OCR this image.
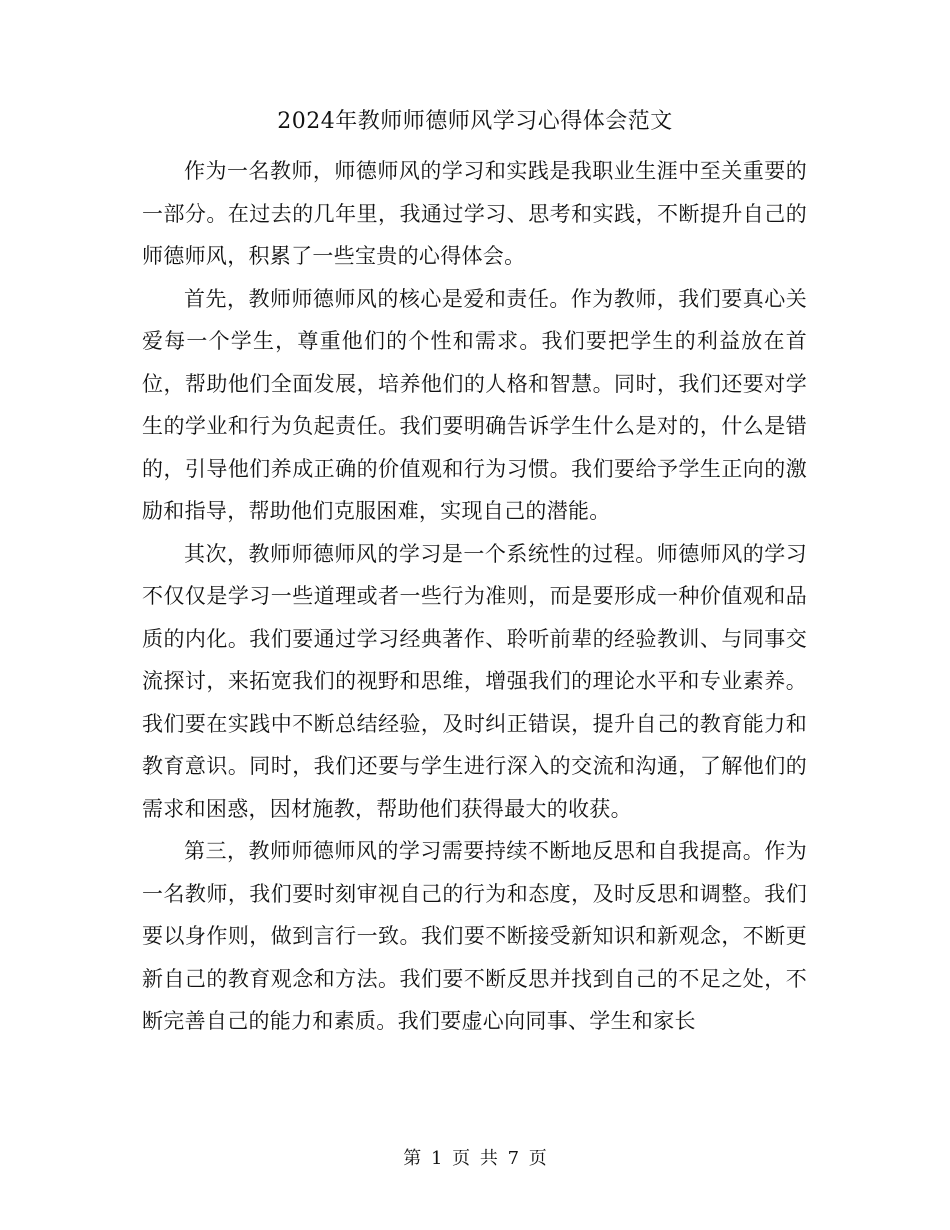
2024年教师师德师风学习心得体会范文

作为一名教师，师德师风的学习和实践是我职业生涯中至关重要的一部分。在过去的几年里，我通过学习、思考和实践，不断提升自己的师德师风，积累了一些宝贵的心得体会。

首先，教师师德师风的核心是爱和责任。作为教师，我们要真心关爱每一个学生，尊重他们的个性和需求。我们要把学生的利益放在首位，帮助他们全面发展，培养他们的人格和智慧。同时，我们还要对学生的学业和行为负起责任。我们要明确告诉学生什么是对的，什么是错的，引导他们养成正确的价值观和行为习惯。我们要给予学生正向的激励和指导，帮助他们克服困难，实现自己的潜能。

其次，教师师德师风的学习是一个系统性的过程。师德师风的学习不仅仅是学习一些道理或者一些行为准则，而是要形成一种价值观和品质的内化。我们要通过学习经典著作、聆听前辈的经验教训、与同事交流探讨，来拓宽我们的视野和思维，增强我们的理论水平和专业素养。我们要在实践中不断总结经验，及时纠正错误，提升自己的教育能力和教育意识。同时，我们还要与学生进行深入的交流和沟通，了解他们的需求和困惑，因材施教，帮助他们获得最大的收获。

第三，教师师德师风的学习需要持续不断地反思和自我提高。作为一名教师，我们要时刻审视自己的行为和态度，及时反思和调整。我们要以身作则，做到言行一致。我们要不断接受新知识和新观念，不断更新自己的教育观念和方法。我们要不断反思并找到自己的不足之处，不断完善自己的能力和素质。我们要虚心向同事、学生和家长

第 1 页 共 7 页
